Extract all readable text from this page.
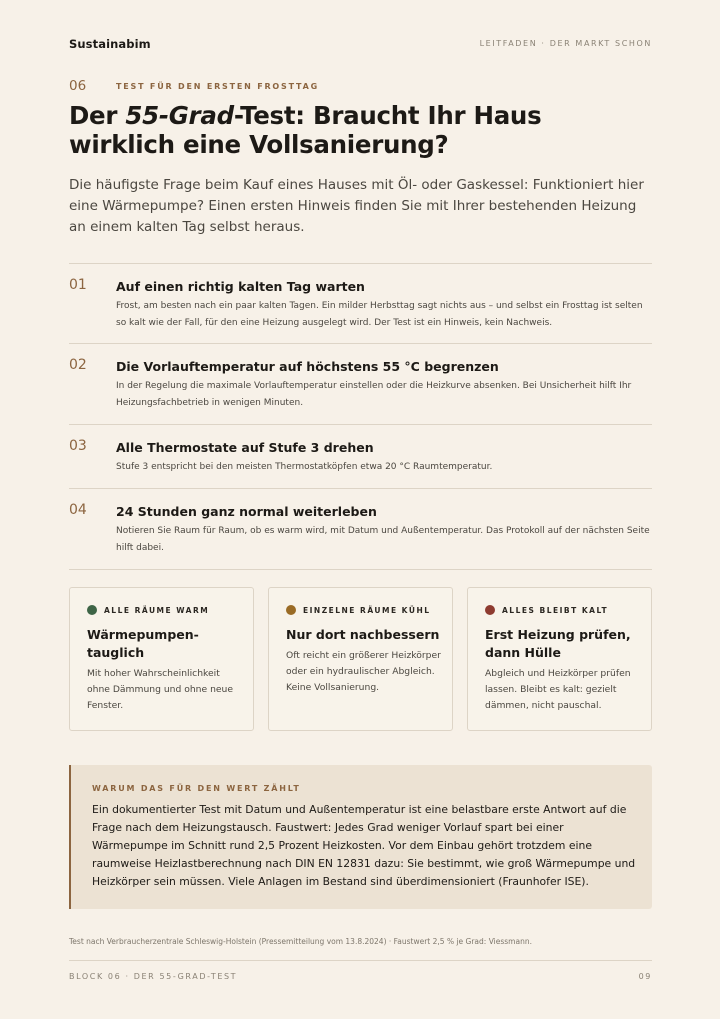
Sustainabim	LEITFADEN · DER MARKT SCHON
06	TEST FÜR DEN ERSTEN FROSTTAG
Der 55-Grad-Test: Braucht Ihr Haus wirklich eine Vollsanierung?

Die häufigste Frage beim Kauf eines Hauses mit Öl- oder Gaskessel: Funktioniert hier eine Wärmepumpe? Einen ersten Hinweis finden Sie mit Ihrer bestehenden Heizung an einem kalten Tag selbst heraus.

01 Auf einen richtig kalten Tag warten
Frost, am besten nach ein paar kalten Tagen. Ein milder Herbsttag sagt nichts aus – und selbst ein Frosttag ist selten so kalt wie der Fall, für den eine Heizung ausgelegt wird. Der Test ist ein Hinweis, kein Nachweis.
02 Die Vorlauftemperatur auf höchstens 55 °C begrenzen
In der Regelung die maximale Vorlauftemperatur einstellen oder die Heizkurve absenken. Bei Unsicherheit hilft Ihr Heizungsfachbetrieb in wenigen Minuten.
03 Alle Thermostate auf Stufe 3 drehen
Stufe 3 entspricht bei den meisten Thermostatköpfen etwa 20 °C Raumtemperatur.
04 24 Stunden ganz normal weiterleben
Notieren Sie Raum für Raum, ob es warm wird, mit Datum und Außentemperatur. Das Protokoll auf der nächsten Seite hilft dabei.
ALLE RÄUME WARM
Wärmepumpen-tauglich
Mit hoher Wahrscheinlichkeit ohne Dämmung und ohne neue Fenster.
EINZELNE RÄUME KÜHL
Nur dort nachbessern
Oft reicht ein größerer Heizkörper oder ein hydraulischer Abgleich. Keine Vollsanierung.
ALLES BLEIBT KALT
Erst Heizung prüfen, dann Hülle
Abgleich und Heizkörper prüfen lassen. Bleibt es kalt: gezielt dämmen, nicht pauschal.
WARUM DAS FÜR DEN WERT ZÄHLT
Ein dokumentierter Test mit Datum und Außentemperatur ist eine belastbare erste Antwort auf die Frage nach dem Heizungstausch. Faustwert: Jedes Grad weniger Vorlauf spart bei einer Wärmepumpe im Schnitt rund 2,5 Prozent Heizkosten. Vor dem Einbau gehört trotzdem eine raumweise Heizlastberechnung nach DIN EN 12831 dazu: Sie bestimmt, wie groß Wärmepumpe und Heizkörper sein müssen. Viele Anlagen im Bestand sind überdimensioniert (Fraunhofer ISE).
Test nach Verbraucherzentrale Schleswig-Holstein (Pressemitteilung vom 13.8.2024) · Faustwert 2,5 % je Grad: Viessmann.
BLOCK 06 · DER 55-GRAD-TEST	09
